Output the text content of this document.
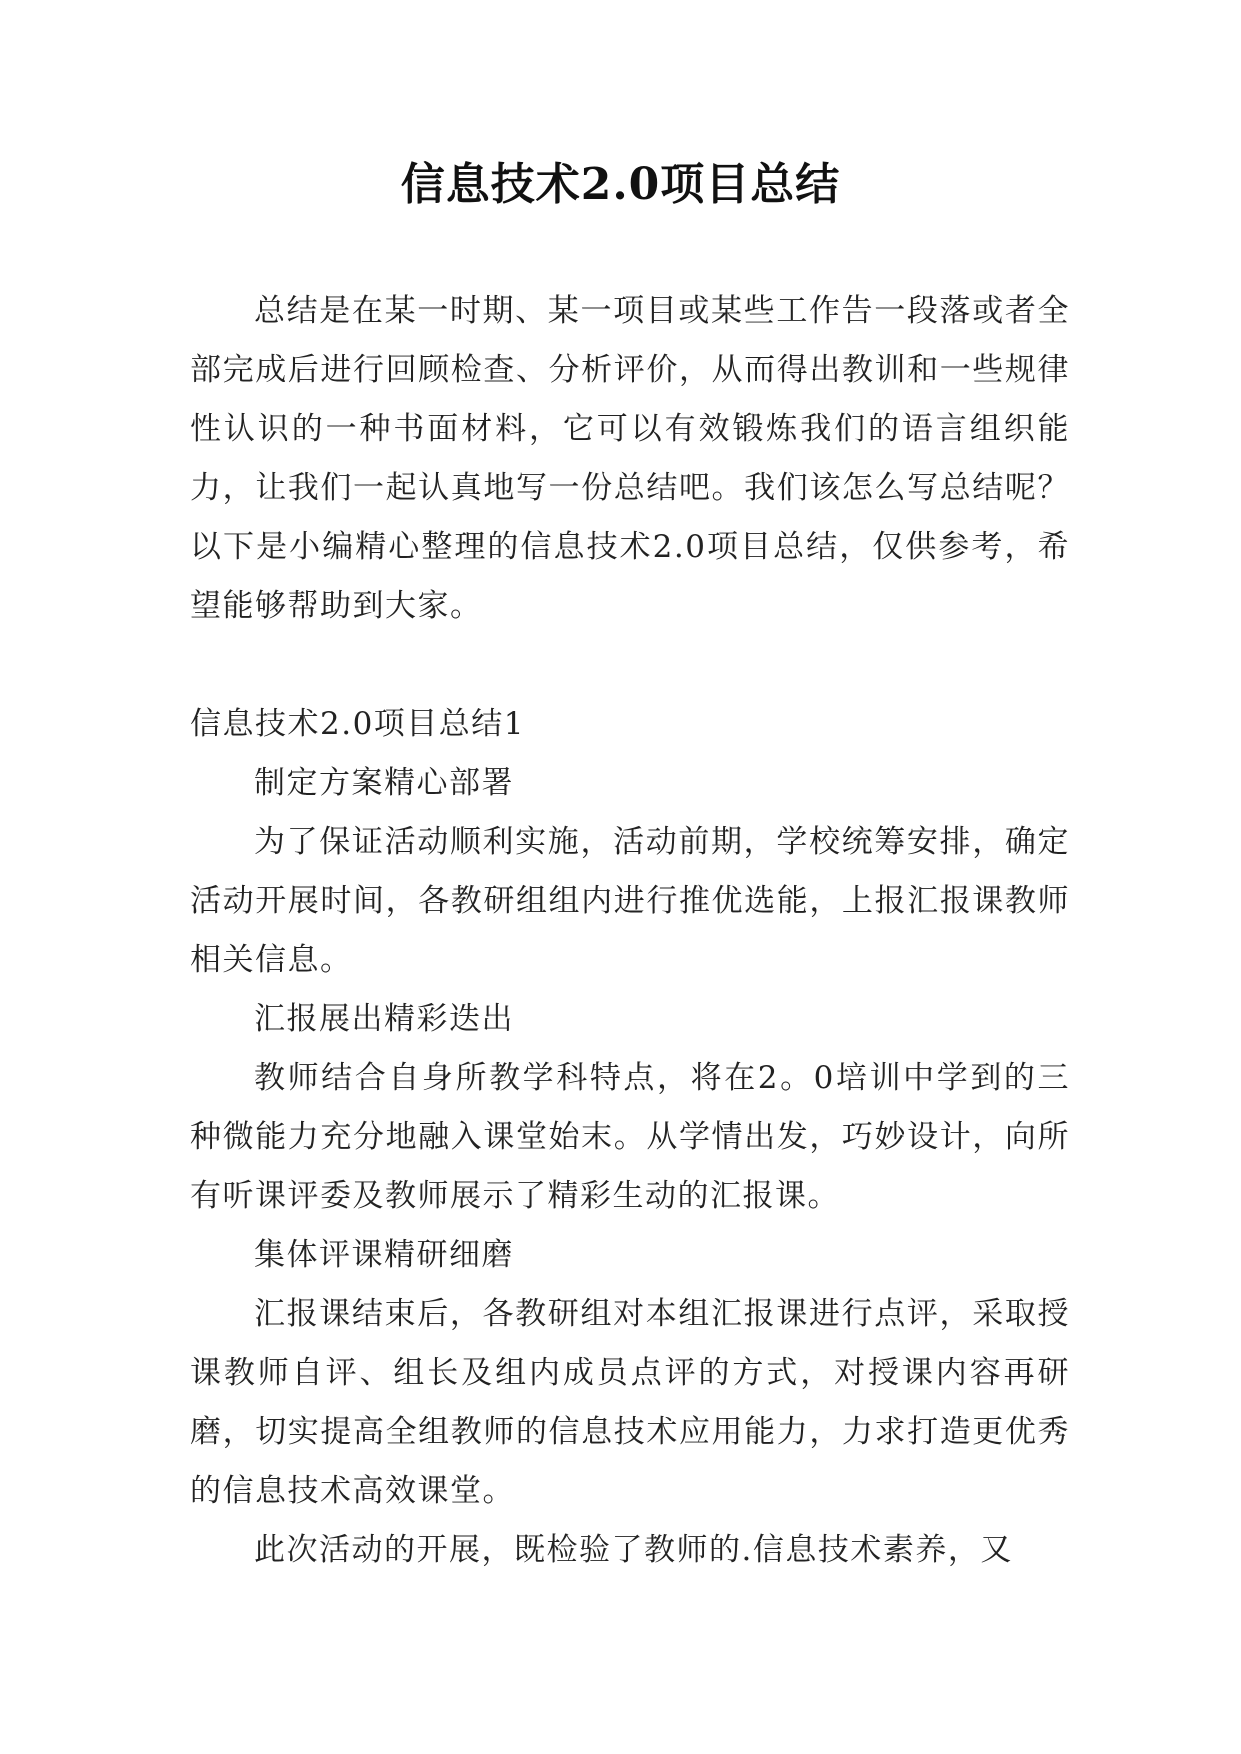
信息技术2.0项目总结

总结是在某一时期、某一项目或某些工作告一段落或者全部完成后进行回顾检查、分析评价，从而得出教训和一些规律性认识的一种书面材料，它可以有效锻炼我们的语言组织能力，让我们一起认真地写一份总结吧。我们该怎么写总结呢？以下是小编精心整理的信息技术2.0项目总结，仅供参考，希望能够帮助到大家。

信息技术2.0项目总结1

制定方案精心部署

为了保证活动顺利实施，活动前期，学校统筹安排，确定活动开展时间，各教研组组内进行推优选能，上报汇报课教师相关信息。

汇报展出精彩迭出

教师结合自身所教学科特点，将在2。0培训中学到的三种微能力充分地融入课堂始末。从学情出发，巧妙设计，向所有听课评委及教师展示了精彩生动的汇报课。

集体评课精研细磨

汇报课结束后，各教研组对本组汇报课进行点评，采取授课教师自评、组长及组内成员点评的方式，对授课内容再研磨，切实提高全组教师的信息技术应用能力，力求打造更优秀的信息技术高效课堂。

此次活动的开展，既检验了教师的.信息技术素养，又
